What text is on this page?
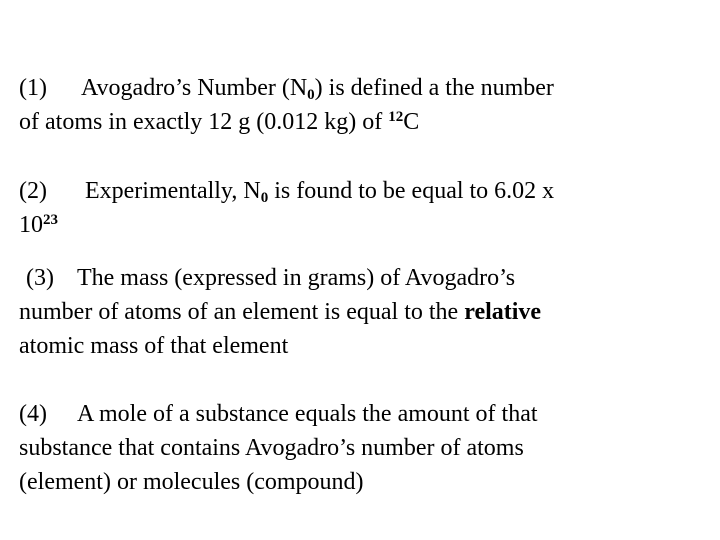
(1) Avogadro’s Number $(N_0)$ is defined a the number
of atoms in exactly 12 g (0.012 kg) of $^{12}$C
(2) Experimentally, $N_0$ is found to be equal to 6.02 x
$10^{23}$
(3) The mass (expressed in grams) of Avogadro’s
number of atoms of an element is equal to the relative
atomic mass of that element
(4) A mole of a substance equals the amount of that
substance that contains Avogadro’s number of atoms
(element) or molecules (compound)
